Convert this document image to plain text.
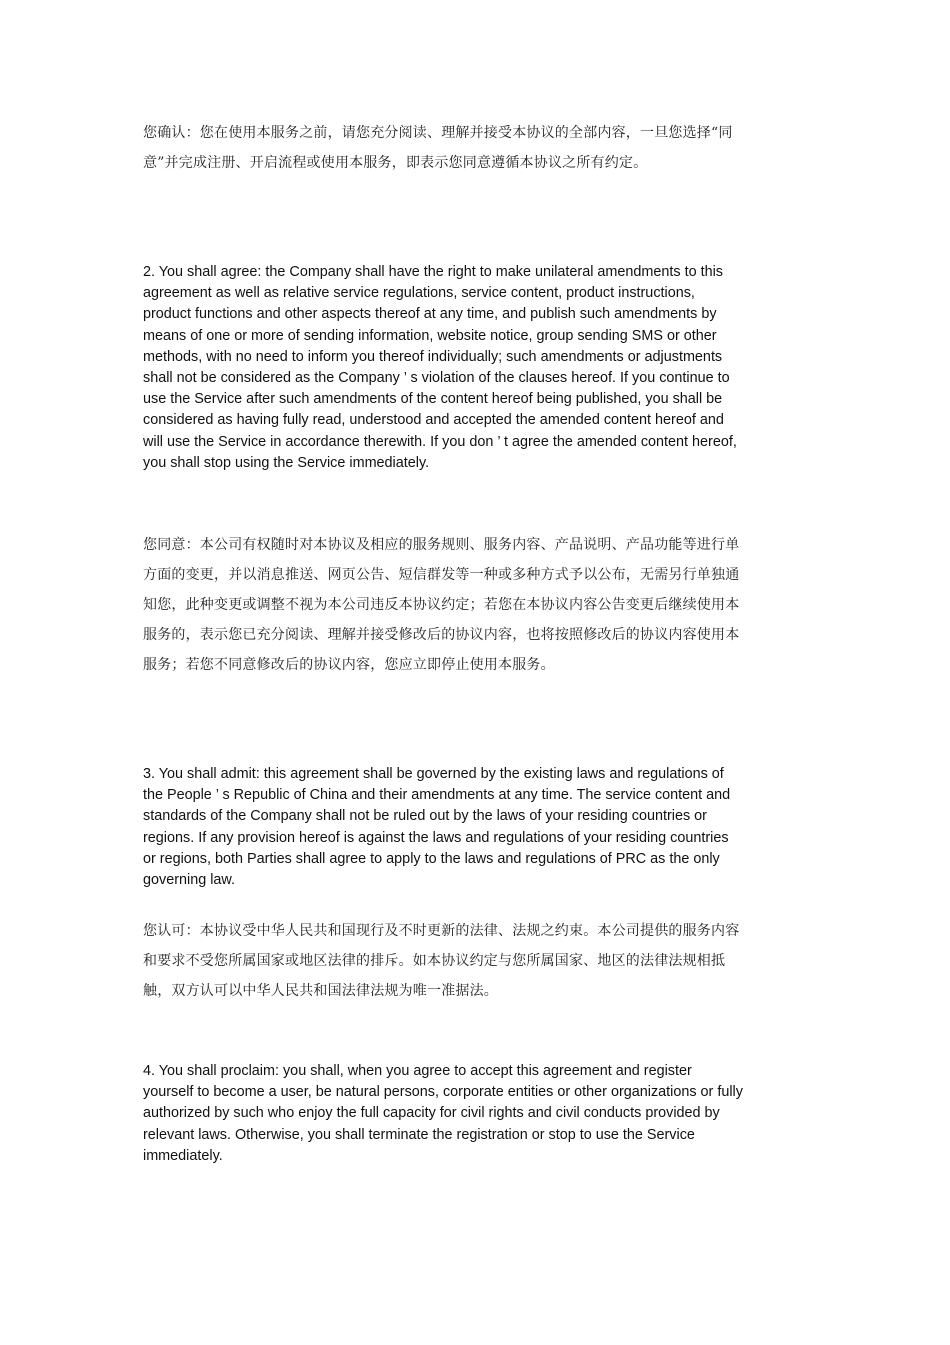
您确认：您在使用本服务之前，请您充分阅读、理解并接受本协议的全部内容，一旦您选择“同意”并完成注册、开启流程或使用本服务，即表示您同意遵循本协议之所有约定。
2. You shall agree: the Company shall have the right to make unilateral amendments to this agreement as well as relative service regulations, service content, product instructions, product functions and other aspects thereof at any time, and publish such amendments by means of one or more of sending information, website notice, group sending SMS or other methods, with no need to inform you thereof individually; such amendments or adjustments shall not be considered as the Company ’ s violation of the clauses hereof. If you continue to use the Service after such amendments of the content hereof being published, you shall be considered as having fully read, understood and accepted the amended content hereof and will use the Service in accordance therewith. If you don ’ t agree the amended content hereof, you shall stop using the Service immediately.
您同意：本公司有权随时对本协议及相应的服务规则、服务内容、产品说明、产品功能等进行单方面的变更，并以消息推送、网页公告、短信群发等一种或多种方式予以公布，无需另行单独通知您，此种变更或调整不视为本公司违反本协议约定；若您在本协议内容公告变更后继续使用本服务的，表示您已充分阅读、理解并接受修改后的协议内容，也将按照修改后的协议内容使用本服务；若您不同意修改后的协议内容，您应立即停止使用本服务。
3. You shall admit: this agreement shall be governed by the existing laws and regulations of the People ’ s Republic of China and their amendments at any time. The service content and standards of the Company shall not be ruled out by the laws of your residing countries or regions. If any provision hereof is against the laws and regulations of your residing countries or regions, both Parties shall agree to apply to the laws and regulations of PRC as the only governing law.
您认可：本协议受中华人民共和国现行及不时更新的法律、法规之约束。本公司提供的服务内容和要求不受您所属国家或地区法律的排斥。如本协议约定与您所属国家、地区的法律法规相抵触，双方认可以中华人民共和国法律法规为唯一准据法。
4. You shall proclaim: you shall, when you agree to accept this agreement and register yourself to become a user, be natural persons, corporate entities or other organizations or fully authorized by such who enjoy the full capacity for civil rights and civil conducts provided by relevant laws. Otherwise, you shall terminate the registration or stop to use the Service immediately.
